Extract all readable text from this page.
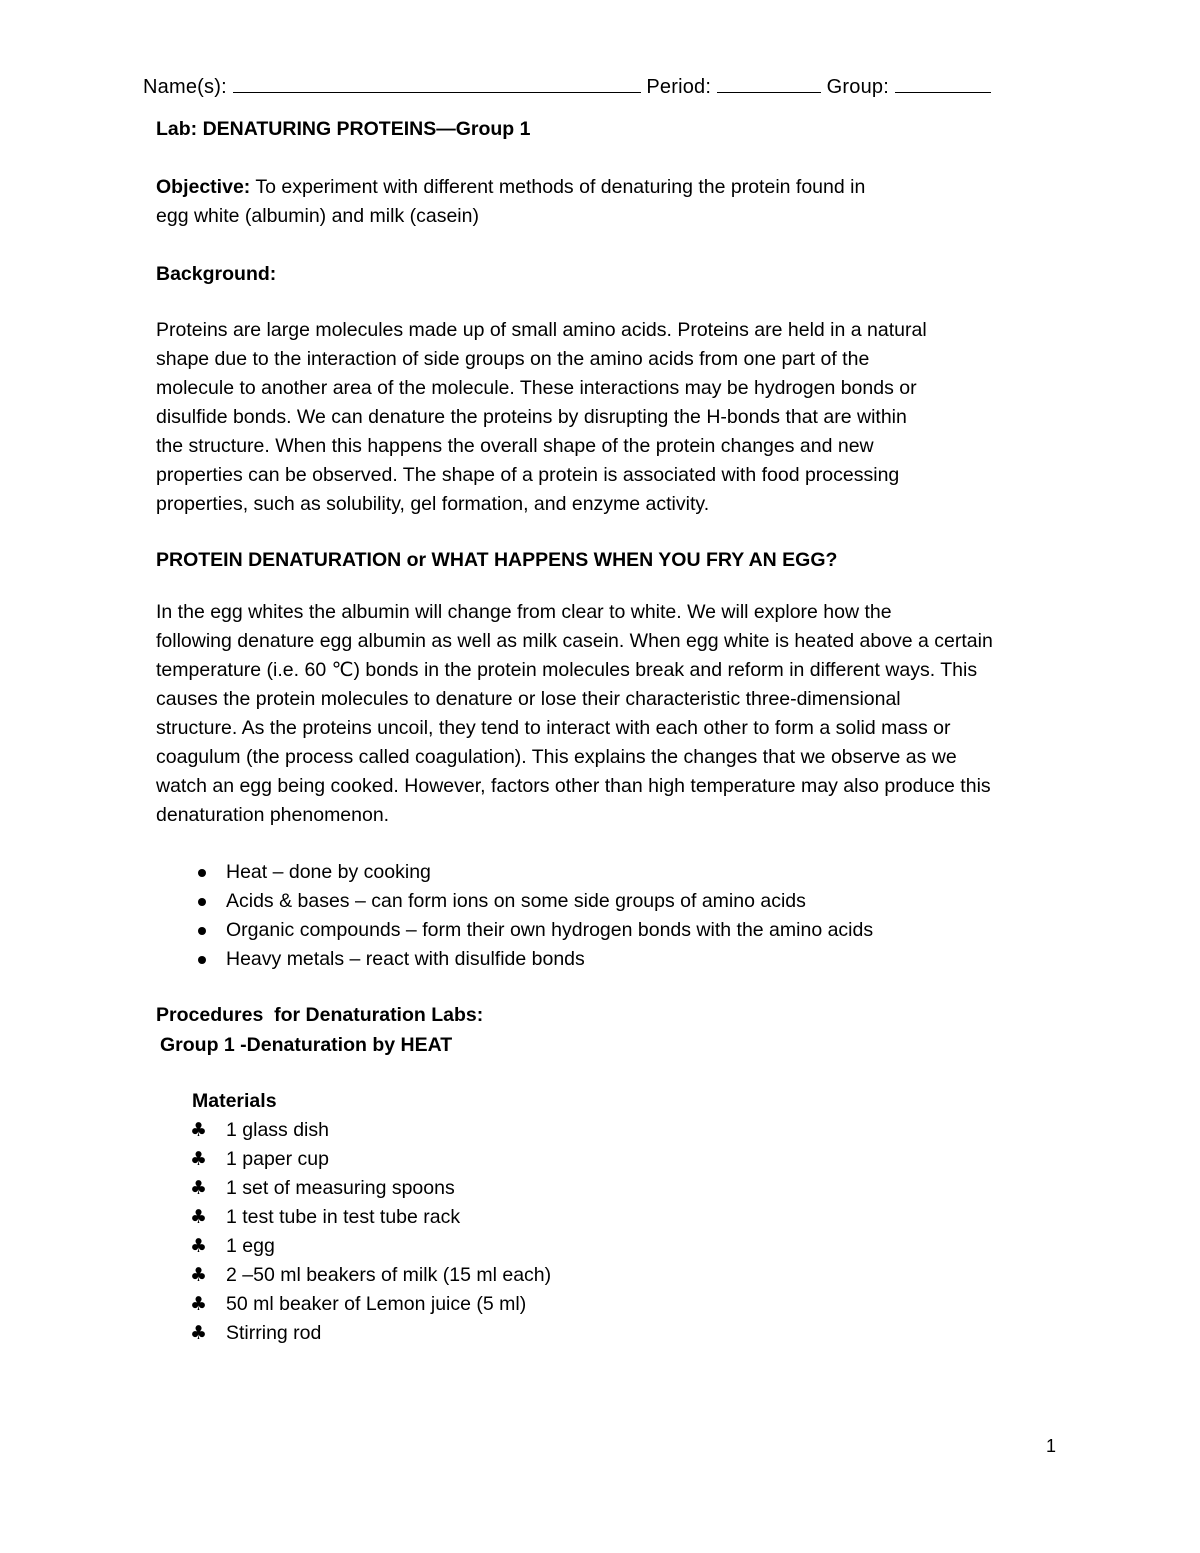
Name(s):	Period:	Group:

Lab: DENATURING PROTEINS—Group 1

Objective: To experiment with different methods of denaturing the protein found in
egg white (albumin) and milk (casein)

Background:

Proteins are large molecules made up of small amino acids. Proteins are held in a natural
shape due to the interaction of side groups on the amino acids from one part of the
molecule to another area of the molecule. These interactions may be hydrogen bonds or
disulfide bonds. We can denature the proteins by disrupting the H-bonds that are within
the structure. When this happens the overall shape of the protein changes and new
properties can be observed. The shape of a protein is associated with food processing
properties, such as solubility, gel formation, and enzyme activity.

PROTEIN DENATURATION or WHAT HAPPENS WHEN YOU FRY AN EGG?

In the egg whites the albumin will change from clear to white. We will explore how the
following denature egg albumin as well as milk casein. When egg white is heated above a certain
temperature (i.e. 60 ℃) bonds in the protein molecules break and reform in different ways. This
causes the protein molecules to denature or lose their characteristic three-dimensional
structure. As the proteins uncoil, they tend to interact with each other to form a solid mass or
coagulum (the process called coagulation). This explains the changes that we observe as we
watch an egg being cooked. However, factors other than high temperature may also produce this
denaturation phenomenon.
Heat – done by cooking
Acids & bases – can form ions on some side groups of amino acids
Organic compounds – form their own hydrogen bonds with the amino acids
Heavy metals – react with disulfide bonds

Procedures  for Denaturation Labs:

Group 1 -Denaturation by HEAT

Materials

♣ 1 glass dish
♣ 1 paper cup
♣ 1 set of measuring spoons
♣ 1 test tube in test tube rack
♣ 1 egg
♣ 2 –50 ml beakers of milk (15 ml each)
♣ 50 ml beaker of Lemon juice (5 ml)
♣ Stirring rod

1
